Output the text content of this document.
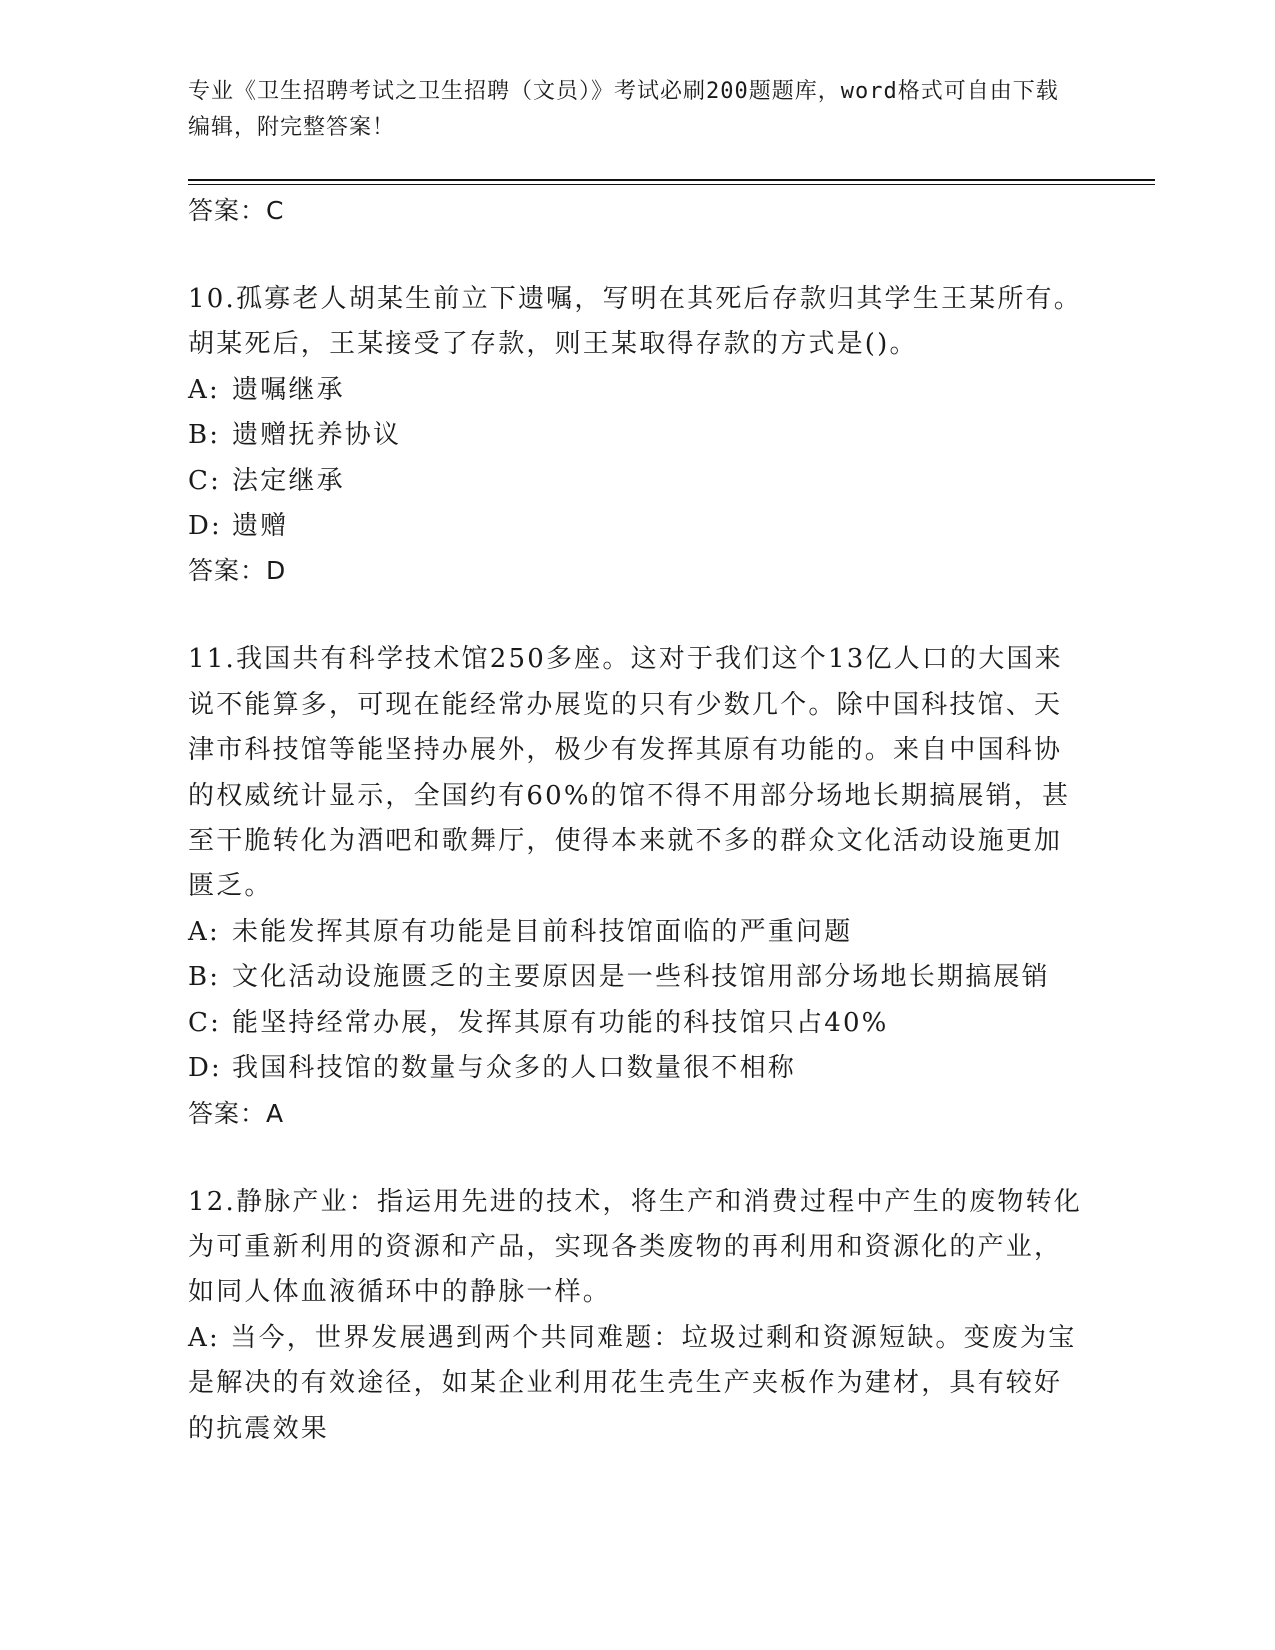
专业《卫生招聘考试之卫生招聘（文员）》考试必刷200题题库，word格式可自由下载编辑，附完整答案！
答案：C
10.孤寡老人胡某生前立下遗嘱，写明在其死后存款归其学生王某所有。胡某死后，王某接受了存款，则王某取得存款的方式是()。
A: 遗嘱继承
B: 遗赠抚养协议
C: 法定继承
D: 遗赠
答案：D
11.我国共有科学技术馆250多座。这对于我们这个13亿人口的大国来说不能算多，可现在能经常办展览的只有少数几个。除中国科技馆、天津市科技馆等能坚持办展外，极少有发挥其原有功能的。来自中国科协的权威统计显示，全国约有60%的馆不得不用部分场地长期搞展销，甚至干脆转化为酒吧和歌舞厅，使得本来就不多的群众文化活动设施更加匮乏。
A: 未能发挥其原有功能是目前科技馆面临的严重问题
B: 文化活动设施匮乏的主要原因是一些科技馆用部分场地长期搞展销
C: 能坚持经常办展，发挥其原有功能的科技馆只占40%
D: 我国科技馆的数量与众多的人口数量很不相称
答案：A
12.静脉产业：指运用先进的技术，将生产和消费过程中产生的废物转化为可重新利用的资源和产品，实现各类废物的再利用和资源化的产业，如同人体血液循环中的静脉一样。
A: 当今，世界发展遇到两个共同难题：垃圾过剩和资源短缺。变废为宝是解决的有效途径，如某企业利用花生壳生产夹板作为建材，具有较好的抗震效果
